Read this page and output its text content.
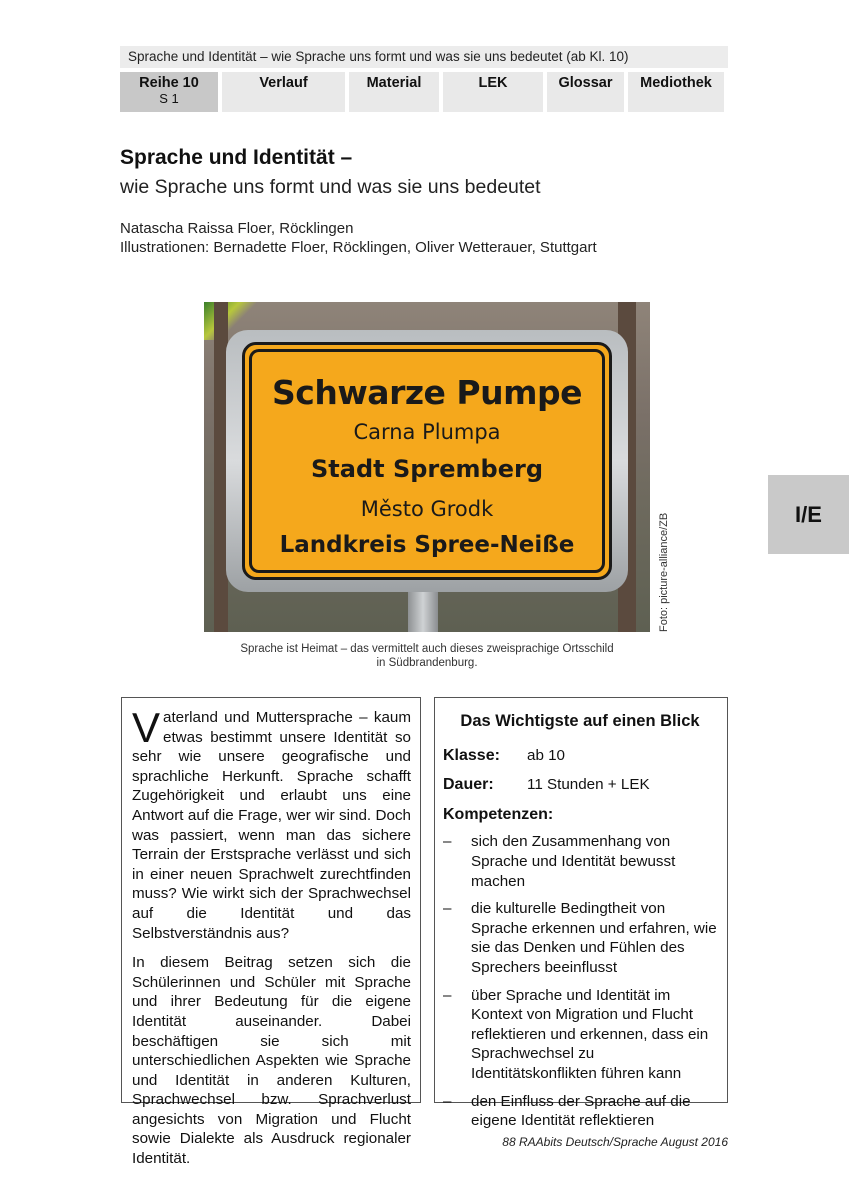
Sprache und Identität – wie Sprache uns formt und was sie uns bedeutet (ab Kl. 10)
Reihe 10
S 1
Verlauf	Material	LEK	Glossar	Mediothek
I/E
Sprache und Identität –
wie Sprache uns formt und was sie uns bedeutet
Natascha Raissa Floer, Röcklingen
Illustrationen: Bernadette Floer, Röcklingen, Oliver Wetterauer, Stuttgart
Schwarze Pumpe
Carna Plumpa
Stadt Spremberg
Město Grodk
Landkreis Spree-Neiße	Foto: picture-alliance/ZB
Sprache ist Heimat – das vermittelt auch dieses zweisprachige Ortsschild
in Südbrandenburg.

Vaterland und Muttersprache – kaum etwas bestimmt unsere Identität so sehr wie unsere geografische und sprachliche Herkunft. Sprache schafft Zugehörigkeit und erlaubt uns eine Antwort auf die Frage, wer wir sind. Doch was passiert, wenn man das sichere Terrain der Erstsprache verlässt und sich in einer neuen Sprachwelt zurechtfinden muss? Wie wirkt sich der Sprachwechsel auf die Identität und das Selbstverständnis aus?

In diesem Beitrag setzen sich die Schülerinnen und Schüler mit Sprache und ihrer Bedeutung für die eigene Identität auseinander. Dabei beschäftigen sie sich mit unterschiedlichen Aspekten wie Sprache und Identität in anderen Kulturen, Sprachwechsel bzw. Sprachverlust angesichts von Migration und Flucht sowie Dialekte als Ausdruck regionaler Identität.

Das Wichtigste auf einen Blick
Klasse:	ab 10
Dauer:	11 Stunden + LEK
Kompetenzen:
– sich den Zusammenhang von Sprache und Identität bewusst machen
– die kulturelle Bedingtheit von Sprache erkennen und erfahren, wie sie das Denken und Fühlen des Sprechers beeinflusst
– über Sprache und Identität im Kontext von Migration und Flucht reflektieren und erkennen, dass ein Sprachwechsel zu Identitätskonflikten führen kann
– den Einfluss der Sprache auf die eigene Identität reflektieren
88 RAAbits Deutsch/Sprache August 2016
